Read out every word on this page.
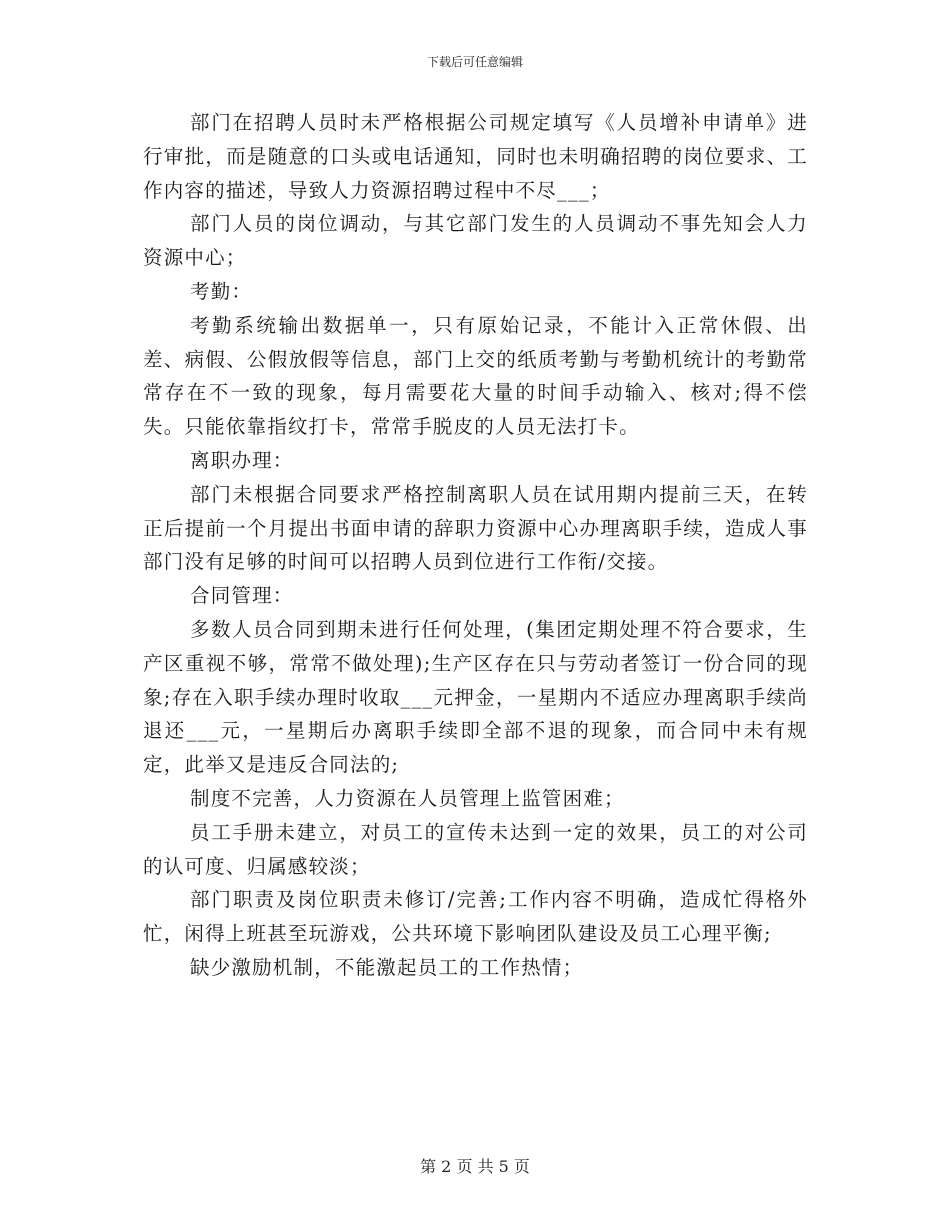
下载后可任意编辑

部门在招聘人员时未严格根据公司规定填写《人员增补申请单》进行审批，而是随意的口头或电话通知，同时也未明确招聘的岗位要求、工作内容的描述，导致人力资源招聘过程中不尽___；

部门人员的岗位调动，与其它部门发生的人员调动不事先知会人力资源中心；

考勤：

考勤系统输出数据单一，只有原始记录，不能计入正常休假、出差、病假、公假放假等信息，部门上交的纸质考勤与考勤机统计的考勤常常存在不一致的现象，每月需要花大量的时间手动输入、核对;得不偿失。只能依靠指纹打卡，常常手脱皮的人员无法打卡。

离职办理：

部门未根据合同要求严格控制离职人员在试用期内提前三天，在转正后提前一个月提出书面申请的辞职力资源中心办理离职手续，造成人事部门没有足够的时间可以招聘人员到位进行工作衔/交接。

合同管理：

多数人员合同到期未进行任何处理，(集团定期处理不符合要求，生产区重视不够，常常不做处理);生产区存在只与劳动者签订一份合同的现象;存在入职手续办理时收取___元押金，一星期内不适应办理离职手续尚退还___元，一星期后办离职手续即全部不退的现象，而合同中未有规定，此举又是违反合同法的;

制度不完善，人力资源在人员管理上监管困难；

员工手册未建立，对员工的宣传未达到一定的效果，员工的对公司的认可度、归属感较淡；

部门职责及岗位职责未修订/完善;工作内容不明确，造成忙得格外忙，闲得上班甚至玩游戏，公共环境下影响团队建设及员工心理平衡;

缺少激励机制，不能激起员工的工作热情；

第 2 页 共 5 页
